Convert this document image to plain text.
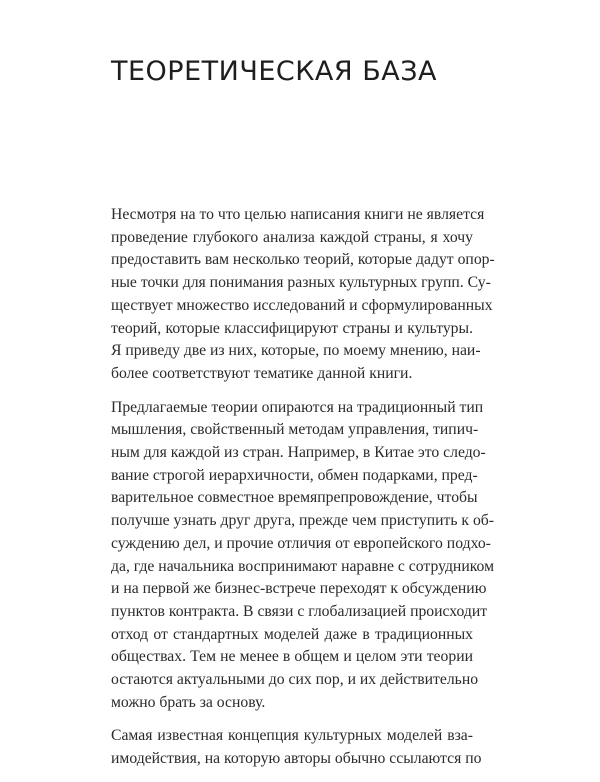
ТЕОРЕТИЧЕСКАЯ БАЗА

Несмотря на то что целью написания книги не является
проведение глубокого анализа каждой страны, я хочу
предоставить вам несколько теорий, которые дадут опор-
ные точки для понимания разных культурных групп. Су-
ществует множество исследований и сформулированных
теорий, которые классифицируют страны и культуры.
Я приведу две из них, которые, по моему мнению, наи-
более соответствуют тематике данной книги.

Предлагаемые теории опираются на традиционный тип
мышления, свойственный методам управления, типич-
ным для каждой из стран. Например, в Китае это следо-
вание строгой иерархичности, обмен подарками, пред-
варительное совместное времяпрепровождение, чтобы
получше узнать друг друга, прежде чем приступить к об-
суждению дел, и прочие отличия от европейского подхо-
да, где начальника воспринимают наравне с сотрудником
и на первой же бизнес-встрече переходят к обсуждению
пунктов контракта. В связи с глобализацией происходит
отход от стандартных моделей даже в традиционных
обществах. Тем не менее в общем и целом эти теории
остаются актуальными до сих пор, и их действительно
можно брать за основу.

Самая известная концепция культурных моделей вза-
имодействия, на которую авторы обычно ссылаются по
